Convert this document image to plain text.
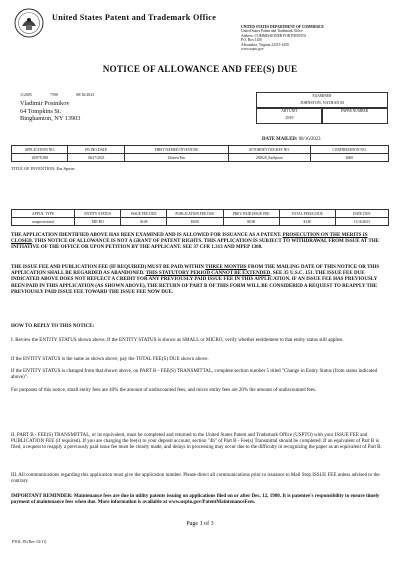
United States Patent and Trademark Office
UNITED STATES DEPARTMENT OF COMMERCE
United States Patent and Trademark Office
Address: COMMISSIONER FOR PATENTS
P.O. Box 1450
Alexandria, Virginia 22313-1450
www.uspto.gov
NOTICE OF ALLOWANCE AND FEE(S) DUE
112605	7590	08/16/2023
Vladimir Postnikov
64 Tompkins St.
Binghamton, NY 13903
EXAMINER
JOHNSTON, NATHAN M
ART UNIT
2919
PAPER NUMBER
DATE MAILED: 08/16/2023
APPLICATION NO.	FILING DATE	FIRST NAMED INVENTOR	ATTORNEY DOCKET NO.	CONFIRMATION NO.
29/878,388	06/27/2023	Zhiwen Pan	230620_EarSpoon	6000
TITLE OF INVENTION: Ear Spoon
APPLN. TYPE	ENTITY STATUS	ISSUE FEE DUE	PUBLICATION FEE DUE	PREV. PAID ISSUE FEE	TOTAL FEE(S) DUE	DATE DUE
nonprovisional	MICRO	$148	$0.00	$0.00	$148	11/16/2023
THE APPLICATION IDENTIFIED ABOVE HAS BEEN EXAMINED AND IS ALLOWED FOR ISSUANCE AS A PATENT. PROSECUTION ON THE MERITS IS CLOSED. THIS NOTICE OF ALLOWANCE IS NOT A GRANT OF PATENT RIGHTS. THIS APPLICATION IS SUBJECT TO WITHDRAWAL FROM ISSUE AT THE INITIATIVE OF THE OFFICE OR UPON PETITION BY THE APPLICANT. SEE 37 CFR 1.313 AND MPEP 1308.
THE ISSUE FEE AND PUBLICATION FEE (IF REQUIRED) MUST BE PAID WITHIN THREE MONTHS FROM THE MAILING DATE OF THIS NOTICE OR THIS APPLICATION SHALL BE REGARDED AS ABANDONED. THIS STATUTORY PERIOD CANNOT BE EXTENDED. SEE 35 U.S.C. 151. THE ISSUE FEE DUE INDICATED ABOVE DOES NOT REFLECT A CREDIT FOR ANY PREVIOUSLY PAID ISSUE FEE IN THIS APPLICATION. IF AN ISSUE FEE HAS PREVIOUSLY BEEN PAID IN THIS APPLICATION (AS SHOWN ABOVE), THE RETURN OF PART B OF THIS FORM WILL BE CONSIDERED A REQUEST TO REAPPLY THE PREVIOUSLY PAID ISSUE FEE TOWARD THE ISSUE FEE NOW DUE.
HOW TO REPLY TO THIS NOTICE:
I. Review the ENTITY STATUS shown above. If the ENTITY STATUS is shown as SMALL or MICRO, verify whether entitlement to that entity status still applies.
If the ENTITY STATUS is the same as shown above, pay the TOTAL FEE(S) DUE shown above.
If the ENTITY STATUS is changed from that shown above, on PART B - FEE(S) TRANSMITTAL, complete section number 5 titled "Change in Entity Status (from status indicated above)".
For purposes of this notice, small entity fees are 40% the amount of undiscounted fees, and micro entity fees are 20% the amount of undiscounted fees.
II. PART B - FEE(S) TRANSMITTAL, or its equivalent, must be completed and returned to the United States Patent and Trademark Office (USPTO) with your ISSUE FEE and PUBLICATION FEE (if required). If you are charging the fee(s) to your deposit account, section "4b" of Part B - Fee(s) Transmittal should be completed. If an equivalent of Part B is filed, a request to reapply a previously paid issue fee must be clearly made, and delays in processing may occur due to the difficulty in recognizing the paper as an equivalent of Part B.
III. All communications regarding this application must give the application number. Please direct all communications prior to issuance to Mail Stop ISSUE FEE unless advised to the contrary.
IMPORTANT REMINDER: Maintenance fees are due in utility patents issuing on applications filed on or after Dec. 12, 1980. It is patentee's responsibility to ensure timely payment of maintenance fees when due. More information is available at www.uspto.gov/PatentMaintenanceFees.
Page 1 of 3
PTOL-85 (Rev. 02/11)
